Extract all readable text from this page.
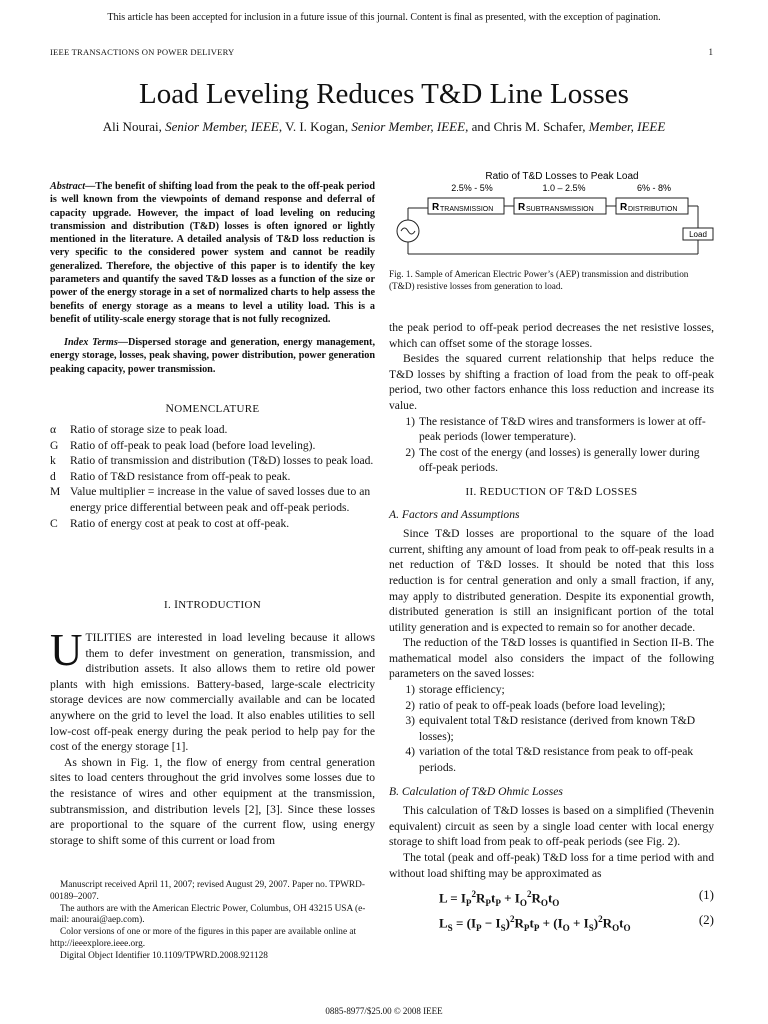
This article has been accepted for inclusion in a future issue of this journal. Content is final as presented, with the exception of pagination.
IEEE TRANSACTIONS ON POWER DELIVERY	1
Load Leveling Reduces T&D Line Losses
Ali Nourai, Senior Member, IEEE, V. I. Kogan, Senior Member, IEEE, and Chris M. Schafer, Member, IEEE
Abstract—The benefit of shifting load from the peak to the off-peak period is well known from the viewpoints of demand response and deferral of capacity upgrade. However, the impact of load leveling on reducing transmission and distribution (T&D) losses is often ignored or lightly mentioned in the literature. A detailed analysis of T&D loss reduction is very specific to the considered power system and cannot be readily generalized. Therefore, the objective of this paper is to identify the key parameters and quantify the saved T&D losses as a function of the size or power of the energy storage in a set of normalized charts to help assess the benefits of energy storage as a means to level a utility load. This is a benefit of utility-scale energy storage that is not fully recognized.
Index Terms—Dispersed storage and generation, energy management, energy storage, losses, peak shaving, power distribution, power generation peaking capacity, power transmission.
NOMENCLATURE
α	Ratio of storage size to peak load.
G	Ratio of off-peak to peak load (before load leveling).
k	Ratio of transmission and distribution (T&D) losses to peak load.
d	Ratio of T&D resistance from off-peak to peak.
M Value multiplier = increase in the value of saved losses due to an energy price differential between peak and off-peak periods.
C	Ratio of energy cost at peak to cost at off-peak.
I. INTRODUCTION

UTILITIES are interested in load leveling because it allows them to defer investment on generation, transmission, and distribution assets. It also allows them to retire old power plants with high emissions. Battery-based, large-scale electricity storage devices are now commercially available and can be located anywhere on the grid to level the load. It also enables utilities to sell low-cost off-peak energy during the peak period to help pay for the cost of the energy storage [1].

As shown in Fig. 1, the flow of energy from central generation sites to load centers throughout the grid involves some losses due to the resistance of wires and other equipment at the transmission, subtransmission, and distribution levels [2], [3]. Since these losses are proportional to the square of the current flow, using energy storage to shift some of this current or load from

Manuscript received April 11, 2007; revised August 29, 2007. Paper no. TPWRD-00189–2007.

The authors are with the American Electric Power, Columbus, OH 43215 USA (e-mail: anourai@aep.com).

Color versions of one or more of the figures in this paper are available online at http://ieeexplore.ieee.org.

Digital Object Identifier 10.1109/TPWRD.2008.921128

Ratio of T&D Losses to Peak Load
2.5% - 5%	1.0 – 2.5%	6% - 8%
R TRANSMISSION R SUBTRANSMISSION	R DISTRIBUTION
Load
Fig. 1. Sample of American Electric Power’s (AEP) transmission and distribution (T&D) resistive losses from generation to load.

the peak period to off-peak period decreases the net resistive losses, which can offset some of the storage losses.

Besides the squared current relationship that helps reduce the T&D losses by shifting a fraction of load from the peak to off-peak period, two other factors enhance this loss reduction and increase its value.

1) The resistance of T&D wires and transformers is lower at off-peak periods (lower temperature).
2) The cost of the energy (and losses) is generally lower during off-peak periods.
II. REDUCTION OF T&D LOSSES
A. Factors and Assumptions

Since T&D losses are proportional to the square of the load current, shifting any amount of load from peak to off-peak results in a net reduction of T&D losses. It should be noted that this loss reduction is for central generation and only a small fraction, if any, may apply to distributed generation. Despite its exponential growth, distributed generation is still an insignificant portion of the total utility generation and is expected to remain so for another decade.

The reduction of the T&D losses is quantified in Section II-B. The mathematical model also considers the impact of the following parameters on the saved losses:

1) storage efficiency;
2) ratio of peak to off-peak loads (before load leveling);
3) equivalent total T&D resistance (derived from known T&D losses);
4) variation of the total T&D resistance from peak to off-peak periods.
B. Calculation of T&D Ohmic Losses

This calculation of T&D losses is based on a simplified (Thevenin equivalent) circuit as seen by a single load center with local energy storage to shift load from peak to off-peak periods (see Fig. 2).

The total (peak and off-peak) T&D loss for a time period with and without load shifting may be approximated as

$L = I_P^2R_Pt_P + I_O^2R_Ot_O$
(1)
$L_S = (I_P - I_S)^2R_Pt_P + (I_O + I_S)^2R_Ot_O$
(2)
0885-8977/$25.00 © 2008 IEEE
